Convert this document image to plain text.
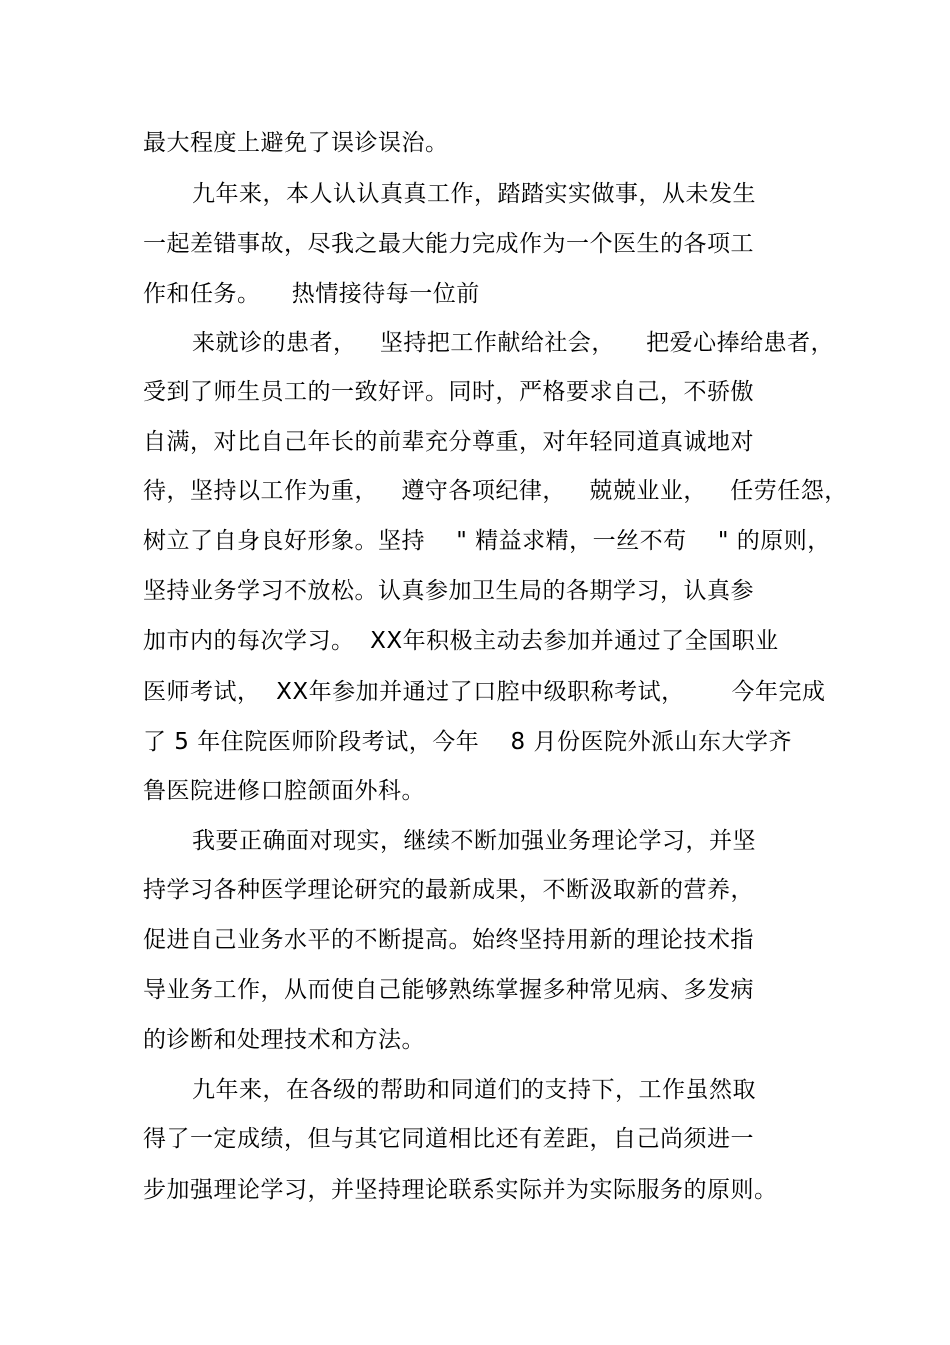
最大程度上避免了误诊误治。
九年来，本人认认真真工作，踏踏实实做事，从未发生
一起差错事故，尽我之最大能力完成作为一个医生的各项工
作和任务。    热情接待每一位前
来就诊的患者，   坚持把工作献给社会，    把爱心捧给患者，
受到了师生员工的一致好评。同时，严格要求自己，不骄傲
自满，对比自己年长的前辈充分尊重，对年轻同道真诚地对
待，坚持以工作为重，   遵守各项纪律，   兢兢业业，   任劳任怨，
树立了自身良好形象。坚持    " 精益求精，一丝不苟    " 的原则，
坚持业务学习不放松。认真参加卫生局的各期学习，认真参
加市内的每次学习。  XX年积极主动去参加并通过了全国职业
医师考试，  XX年参加并通过了口腔中级职称考试，      今年完成
了 5 年住院医师阶段考试，今年    8 月份医院外派山东大学齐
鲁医院进修口腔颌面外科。
我要正确面对现实，继续不断加强业务理论学习，并坚
持学习各种医学理论研究的最新成果，不断汲取新的营养，
促进自己业务水平的不断提高。始终坚持用新的理论技术指
导业务工作，从而使自己能够熟练掌握多种常见病、多发病
的诊断和处理技术和方法。
九年来，在各级的帮助和同道们的支持下，工作虽然取
得了一定成绩，但与其它同道相比还有差距，自己尚须进一
步加强理论学习，并坚持理论联系实际并为实际服务的原则。
